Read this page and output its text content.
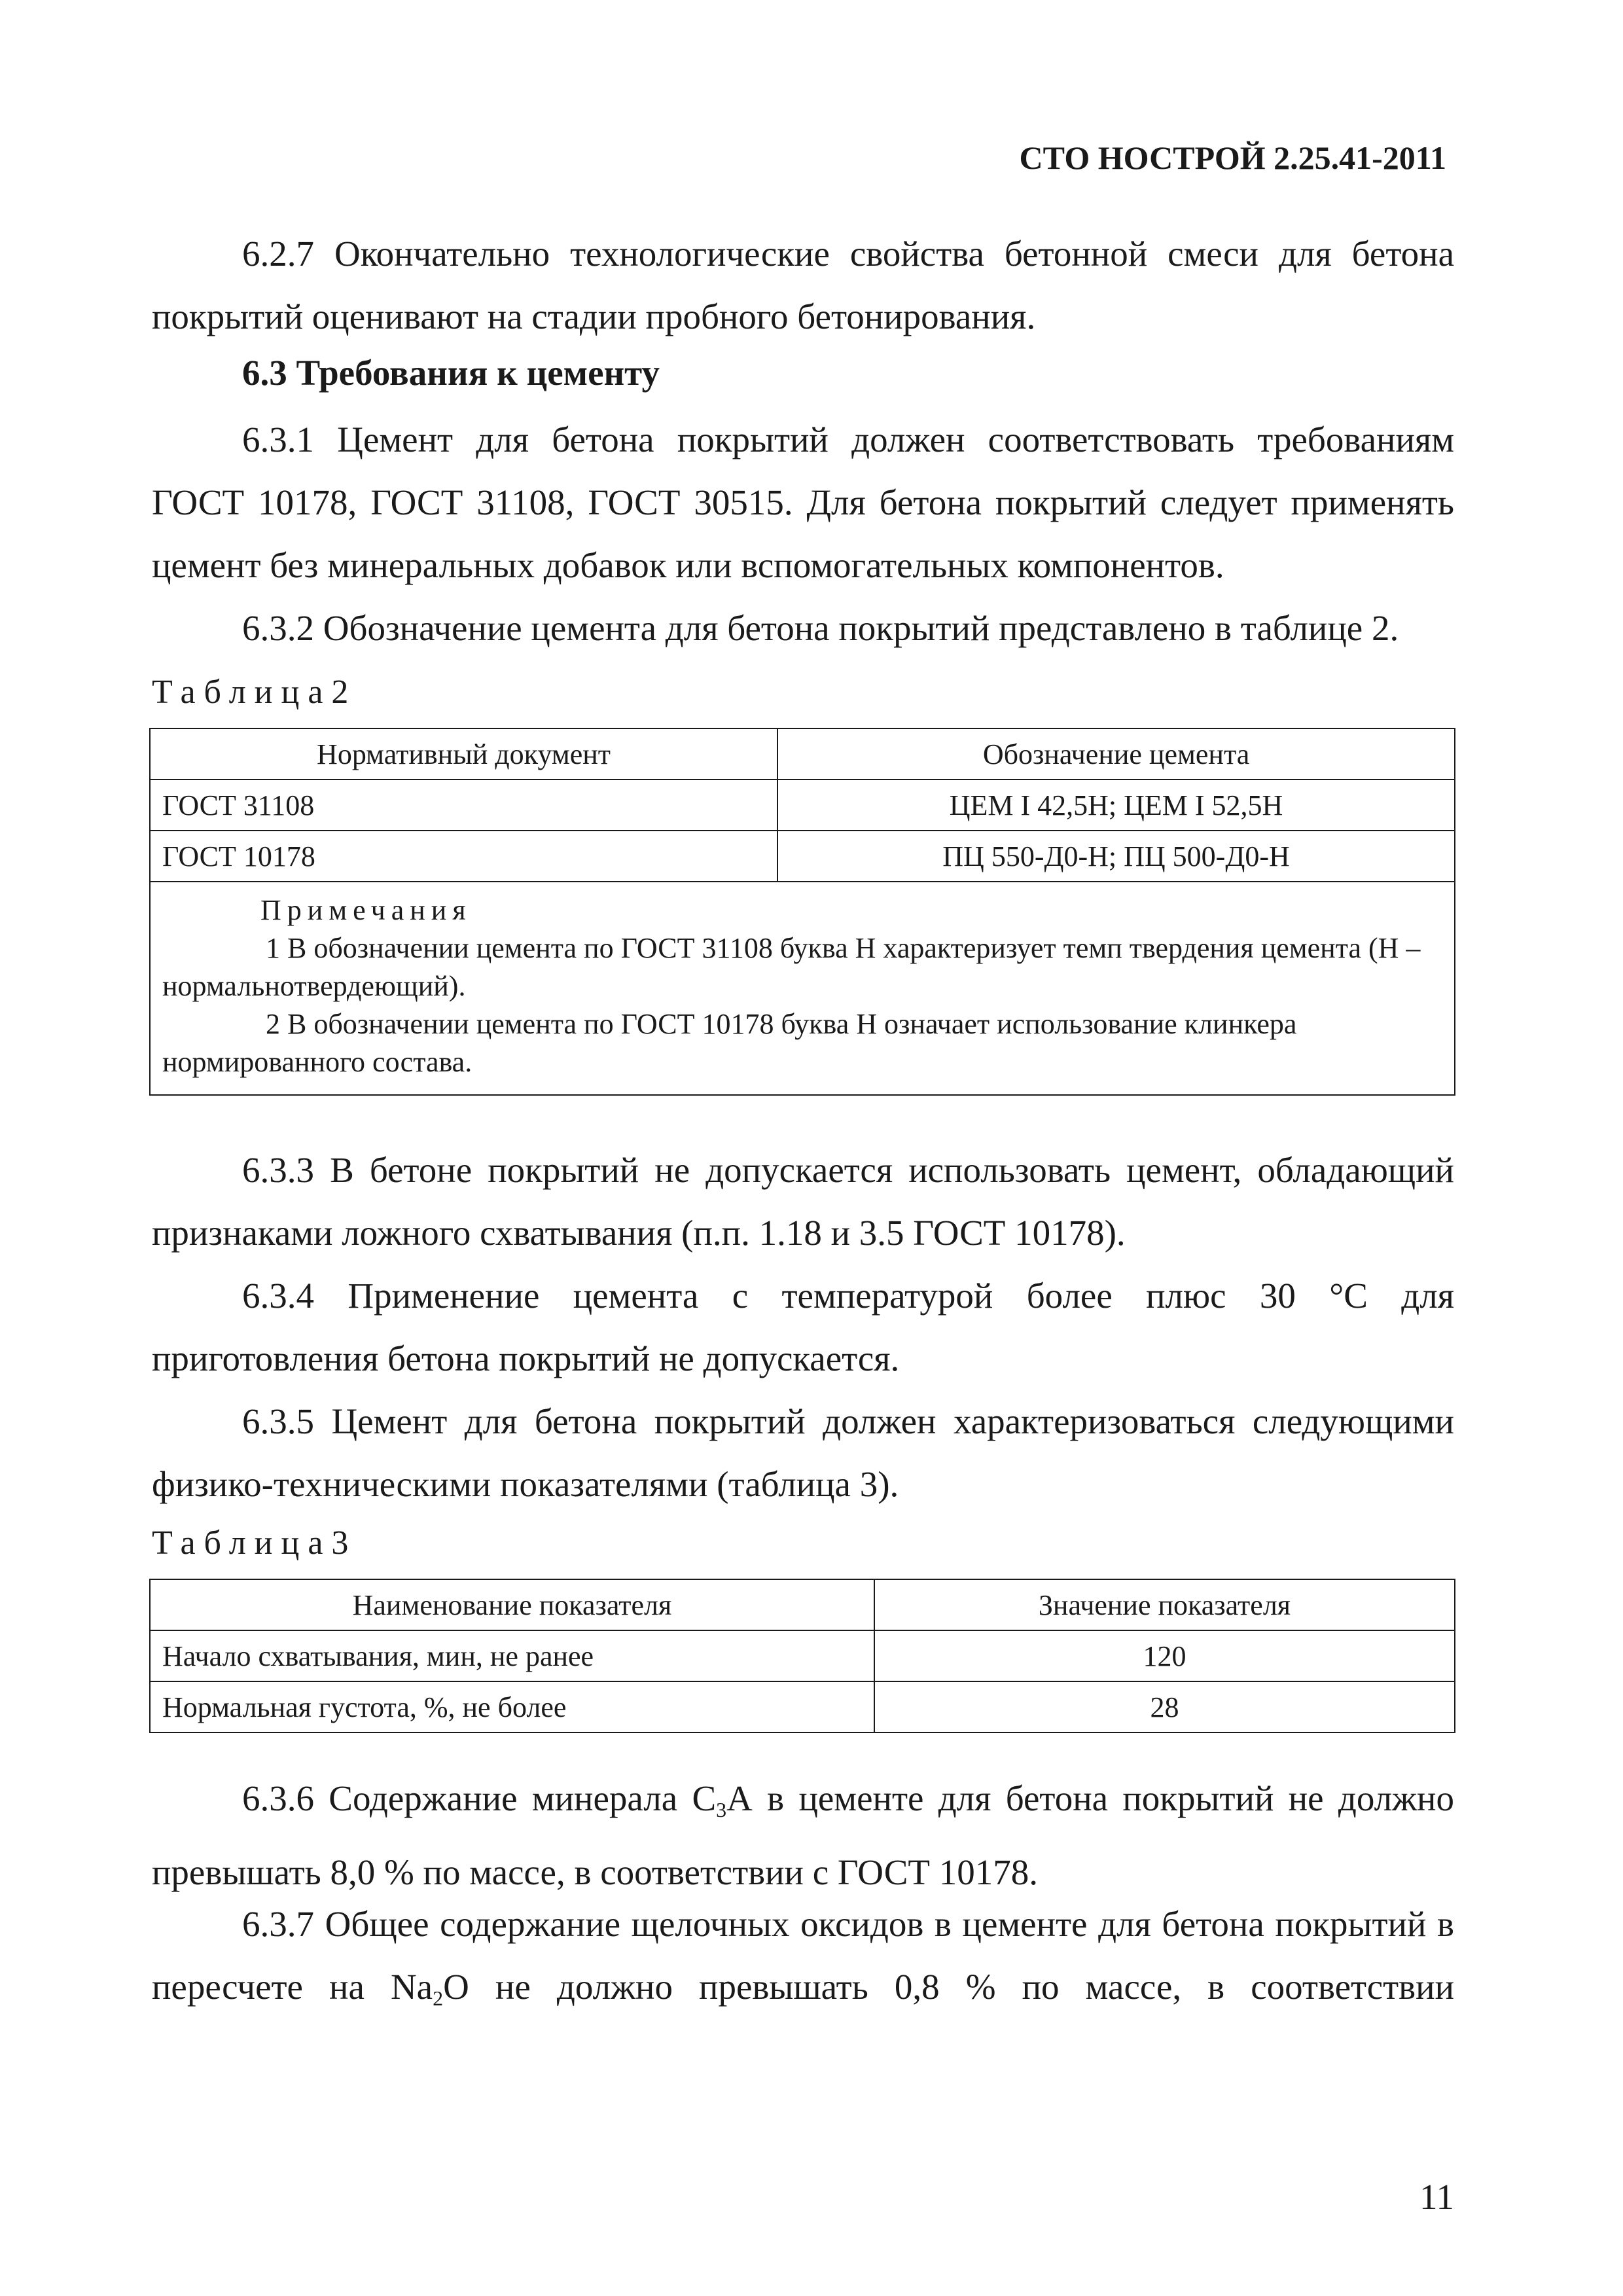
СТО НОСТРОЙ 2.25.41-2011

6.2.7 Окончательно технологические свойства бетонной смеси для бетона покрытий оценивают на стадии пробного бетонирования.

6.3 Требования к цементу

6.3.1 Цемент для бетона покрытий должен соответствовать требованиям ГОСТ 10178, ГОСТ 31108, ГОСТ 30515. Для бетона покрытий следует применять цемент без минеральных добавок или вспомогательных компонентов.

6.3.2 Обозначение цемента для бетона покрытий представлено в таблице 2.

Таблица2
Нормативный документ	Обозначение цемента
ГОСТ 31108	ЦЕМ I 42,5Н; ЦЕМ I 52,5Н
ГОСТ 10178	ПЦ 550-Д0-Н; ПЦ 500-Д0-Н

Примечания
1 В обозначении цемента по ГОСТ 31108 буква Н характеризует темп твердения цемента (Н – нормальнотвердеющий).
2 В обозначении цемента по ГОСТ 10178 буква Н означает использование клинкера нормированного состава.	

6.3.3 В бетоне покрытий не допускается использовать цемент, обладающий признаками ложного схватывания (п.п. 1.18 и 3.5 ГОСТ 10178).

6.3.4 Применение цемента с температурой более плюс 30 °С для приготовления бетона покрытий не допускается.

6.3.5 Цемент для бетона покрытий должен характеризоваться следующими физико-техническими показателями (таблица 3).

Таблица3
Наименование показателя	Значение показателя
Начало схватывания, мин, не ранее	120
Нормальная густота, %, не более	28

6.3.6 Содержание минерала $С_3А$ в цементе для бетона покрытий не должно превышать 8,0 % по массе, в соответствии с ГОСТ 10178.

6.3.7 Общее содержание щелочных оксидов в цементе для бетона покрытий в пересчете на $Na_2O$ не должно превышать 0,8 % по массе, в соответствии

11
